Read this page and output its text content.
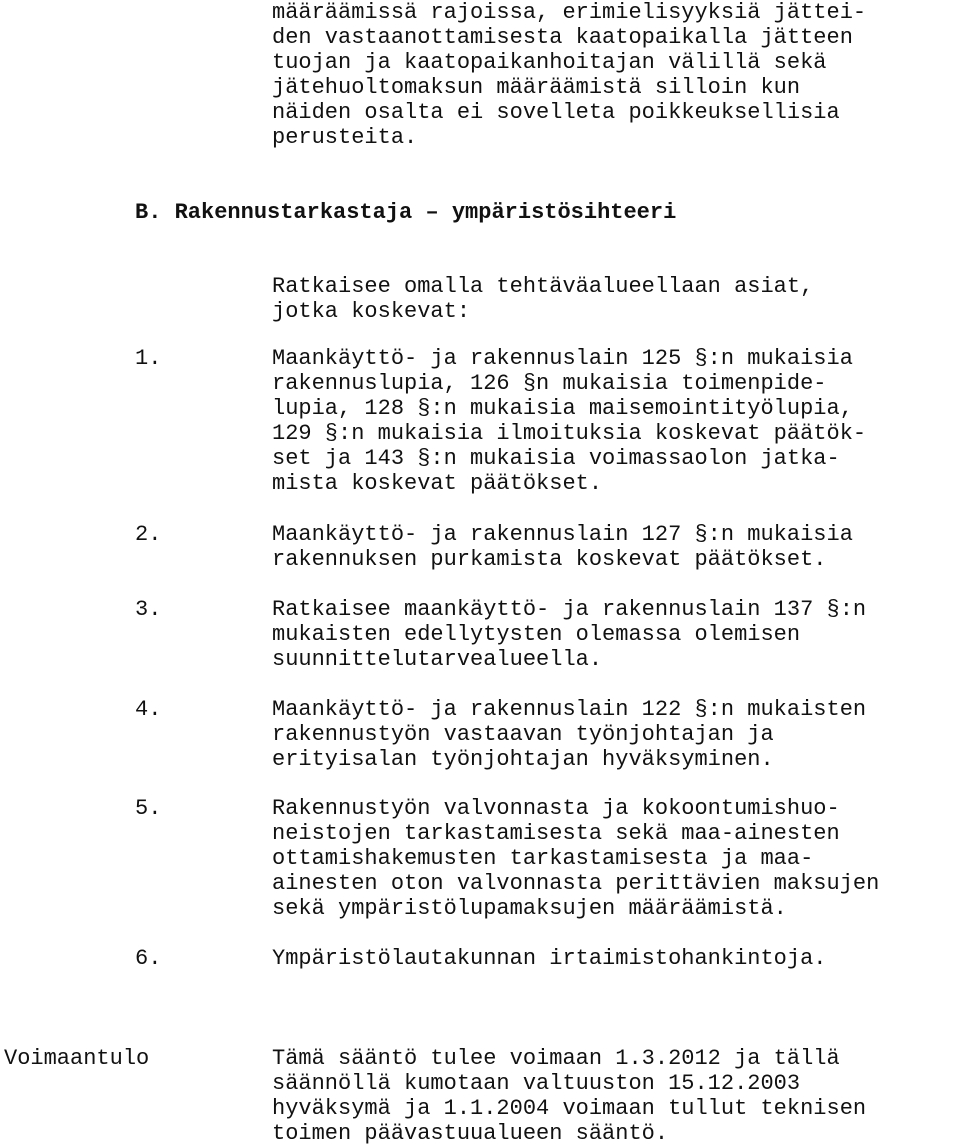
määräämissä rajoissa, erimielisyyksiä jättei-
den vastaanottamisesta kaatopaikalla jätteen
tuojan ja kaatopaikanhoitajan välillä sekä
jätehuoltomaksun määräämistä silloin kun
näiden osalta ei sovelleta poikkeuksellisia
perusteita.
B. Rakennustarkastaja – ympäristösihteeri
Ratkaisee omalla tehtäväalueellaan asiat,
jotka koskevat:
1.	Maankäyttö- ja rakennuslain 125 §:n mukaisia
rakennuslupia, 126 §n mukaisia toimenpide-
lupia, 128 §:n mukaisia maisemointityölupia,
129 §:n mukaisia ilmoituksia koskevat päätök-
set ja 143 §:n mukaisia voimassaolon jatka-
mista koskevat päätökset.
2.	Maankäyttö- ja rakennuslain 127 §:n mukaisia
rakennuksen purkamista koskevat päätökset.
3.	Ratkaisee maankäyttö- ja rakennuslain 137 §:n
mukaisten edellytysten olemassa olemisen
suunnittelutarvealueella.
4.	Maankäyttö- ja rakennuslain 122 §:n mukaisten
rakennustyön vastaavan työnjohtajan ja
erityisalan työnjohtajan hyväksyminen.
5.	Rakennustyön valvonnasta ja kokoontumishuo-
neistojen tarkastamisesta sekä maa-ainesten
ottamishakemusten tarkastamisesta ja maa-
ainesten oton valvonnasta perittävien maksujen
sekä ympäristölupamaksujen määräämistä.
6.	Ympäristölautakunnan irtaimistohankintoja.
Voimaantulo	Tämä sääntö tulee voimaan 1.3.2012 ja tällä
säännöllä kumotaan valtuuston 15.12.2003
hyväksymä ja 1.1.2004 voimaan tullut teknisen
toimen päävastuualueen sääntö.
